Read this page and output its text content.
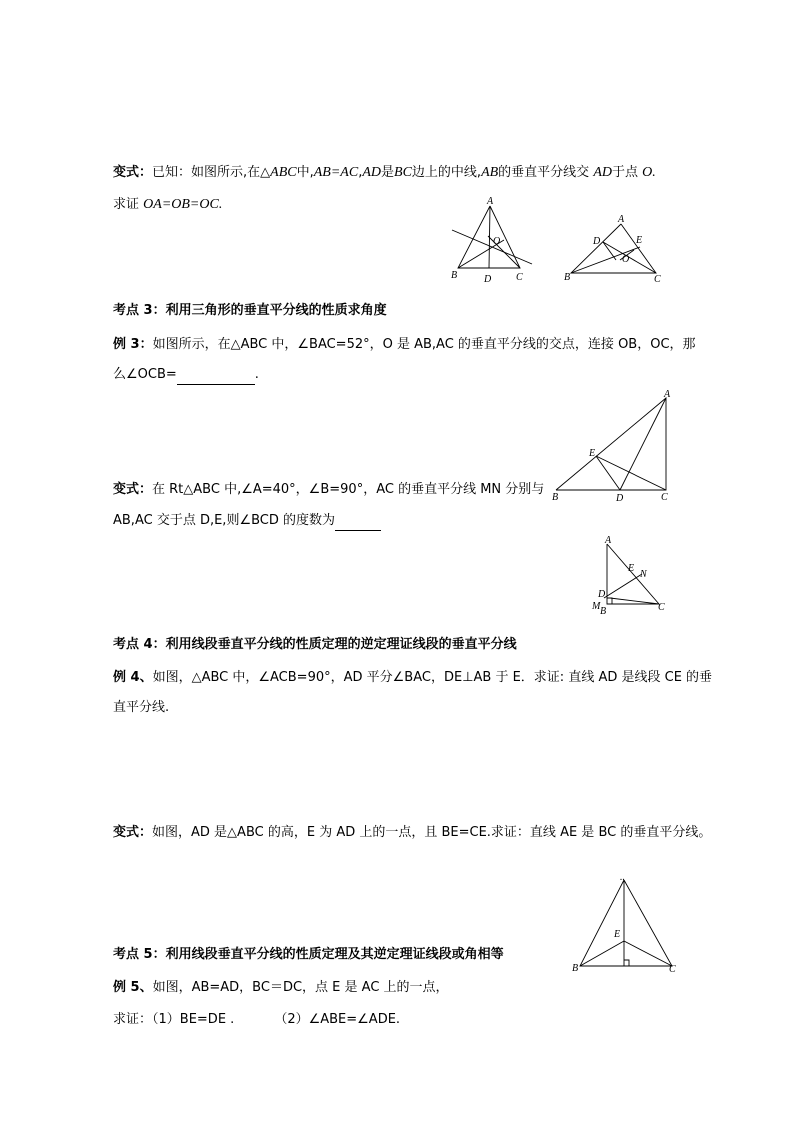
变式：已知：如图所示,在△ABC中,AB=AC,AD是BC边上的中线,AB的垂直平分线交 AD于点 O.
求证 OA=OB=OC.	A
B	C
D
O
A
B	C
D	E
O
考点 3：利用三角形的垂直平分线的性质求角度
例 3：如图所示，在△ABC 中，∠BAC=52°，O 是 AB,AC 的垂直平分线的交点，连接 OB，OC，那
么∠OCB=	.
A
B	C
D
E
变式：在 Rt△ABC 中,∠A=40°，∠B=90°，AC 的垂直平分线 MN 分别与
AB,AC 交于点 D,E,则∠BCD 的度数为
A
B	C
D
E
M
N
考点 4：利用线段垂直平分线的性质定理的逆定理证线段的垂直平分线
例 4、如图，△ABC 中，∠ACB=90°，AD 平分∠BAC，DE⊥AB 于 E．求证: 直线 AD 是线段 CE 的垂
直平分线.
变式：如图，AD 是△ABC 的高，E 为 AD 上的一点，且 BE=CE.求证：直线 AE 是 BC 的垂直平分线。
..
B	C
E
考点 5：利用线段垂直平分线的性质定理及其逆定理证线段或角相等
例 5、如图，AB=AD，BC＝DC，点 E 是 AC 上的一点，
求证：（1）BE=DE .	（2）∠ABE=∠ADE.
